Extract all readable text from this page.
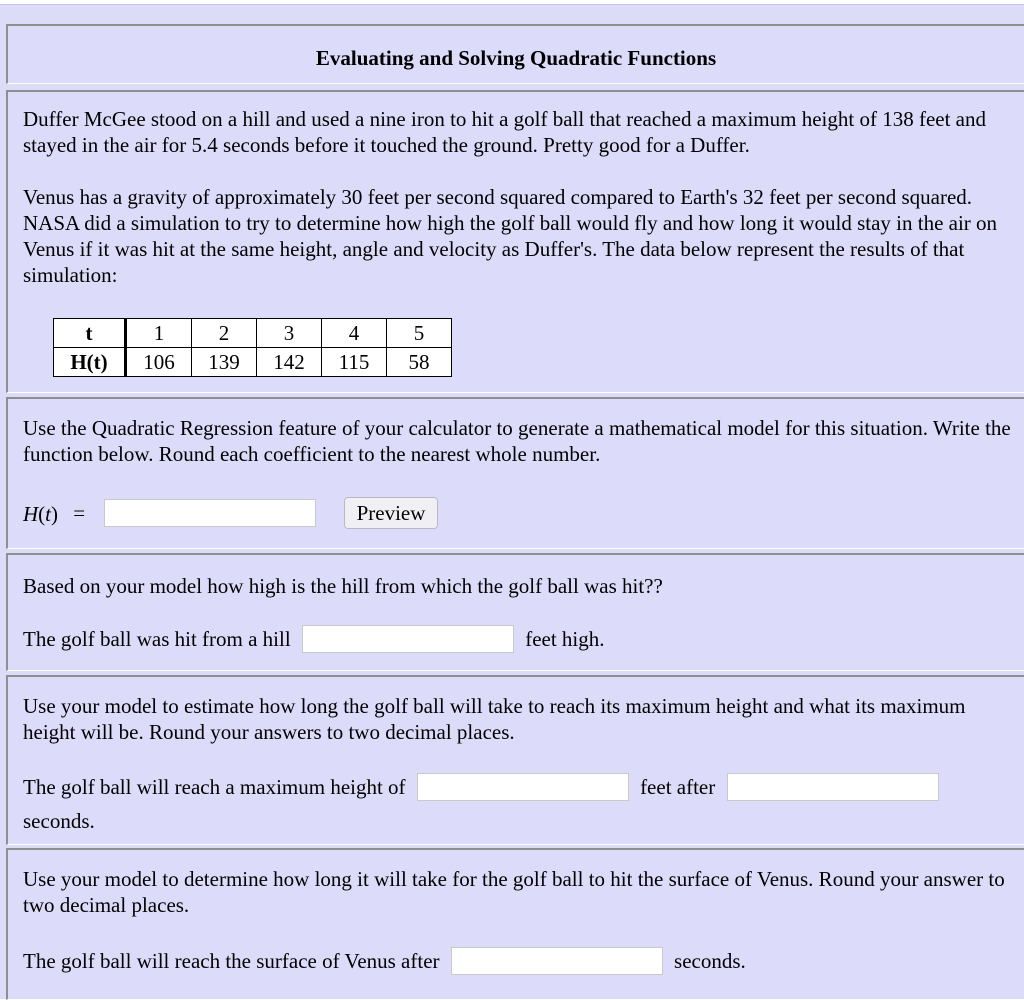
Evaluating and Solving Quadratic Functions

Duffer McGee stood on a hill and used a nine iron to hit a golf ball that reached a maximum height of 138 feet and stayed in the air for 5.4 seconds before it touched the ground. Pretty good for a Duffer.

Venus has a gravity of approximately 30 feet per second squared compared to Earth's 32 feet per second squared. NASA did a simulation to try to determine how high the golf ball would fly and how long it would stay in the air on Venus if it was hit at the same height, angle and velocity as Duffer's. The data below represent the results of that simulation:

t	1	2	3	4	5
H(t)	106	139	142	115	58

Use the Quadratic Regression feature of your calculator to generate a mathematical model for this situation. Write the function below. Round each coefficient to the nearest whole number.

H(t) =	Preview

Based on your model how high is the hill from which the golf ball was hit??

The golf ball was hit from a hill	feet high.

Use your model to estimate how long the golf ball will take to reach its maximum height and what its maximum height will be. Round your answers to two decimal places.

The golf ball will reach a maximum height of	feet after
seconds.

Use your model to determine how long it will take for the golf ball to hit the surface of Venus. Round your answer to two decimal places.

The golf ball will reach the surface of Venus after	seconds.
